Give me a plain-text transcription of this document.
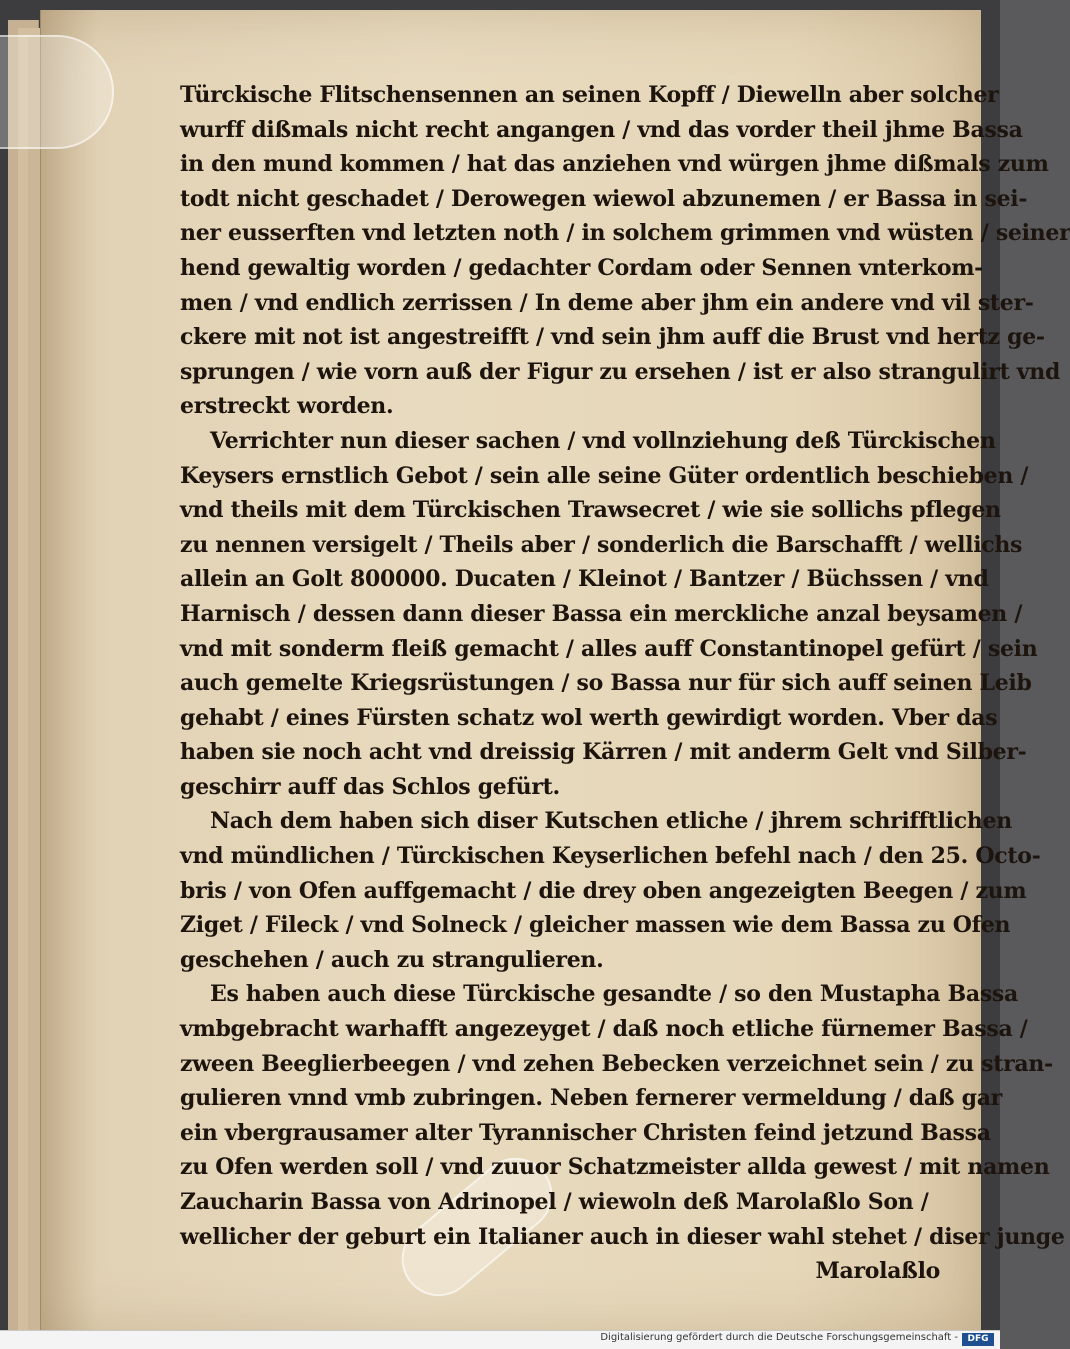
Türckische Flitschensennen an seinen Kopff / Diewelln aber solcher
wurff dißmals nicht recht angangen / vnd das vorder theil jhme Bassa
in den mund kommen / hat das anziehen vnd würgen jhme dißmals zum
todt nicht geschadet / Derowegen wiewol abzunemen / er Bassa in sei-
ner eusserften vnd letzten noth / in solchem grimmen vnd wüsten / seiner
hend gewaltig worden / gedachter Cordam oder Sennen vnterkom-
men / vnd endlich zerrissen / In deme aber jhm ein andere vnd vil ster-
ckere mit not ist angestreifft / vnd sein jhm auff die Brust vnd hertz ge-
sprungen / wie vorn auß der Figur zu ersehen / ist er also strangulirt vnd
erstreckt worden.
Verrichter nun dieser sachen / vnd vollnziehung deß Türckischen
Keysers ernstlich Gebot / sein alle seine Güter ordentlich beschieben /
vnd theils mit dem Türckischen Trawsecret / wie sie sollichs pflegen
zu nennen versigelt / Theils aber / sonderlich die Barschafft / wellichs
allein an Golt 800000. Ducaten / Kleinot / Bantzer / Büchssen / vnd
Harnisch / dessen dann dieser Bassa ein merckliche anzal beysamen /
vnd mit sonderm fleiß gemacht / alles auff Constantinopel gefürt / sein
auch gemelte Kriegsrüstungen / so Bassa nur für sich auff seinen Leib
gehabt / eines Fürsten schatz wol werth gewirdigt worden. Vber das
haben sie noch acht vnd dreissig Kärren / mit anderm Gelt vnd Silber-
geschirr auff das Schlos gefürt.
Nach dem haben sich diser Kutschen etliche / jhrem schrifftlichen
vnd mündlichen / Türckischen Keyserlichen befehl nach / den 25. Octo-
bris / von Ofen auffgemacht / die drey oben angezeigten Beegen / zum
Ziget / Fileck / vnd Solneck / gleicher massen wie dem Bassa zu Ofen
geschehen / auch zu strangulieren.
Es haben auch diese Türckische gesandte / so den Mustapha Bassa
vmbgebracht warhafft angezeyget / daß noch etliche fürnemer Bassa /
zween Beeglierbeegen / vnd zehen Bebecken verzeichnet sein / zu stran-
gulieren vnnd vmb zubringen. Neben fernerer vermeldung / daß gar
ein vbergrausamer alter Tyrannischer Christen feind jetzund Bassa
zu Ofen werden soll / vnd zuuor Schatzmeister allda gewest / mit namen
Zaucharin Bassa von Adrinopel / wiewoln deß Marolaßlo Son /
wellicher der geburt ein Italianer auch in dieser wahl stehet / diser junge
Marolaßlo
Digitalisierung gefördert durch die Deutsche Forschungsgemeinschaft -	DFG
